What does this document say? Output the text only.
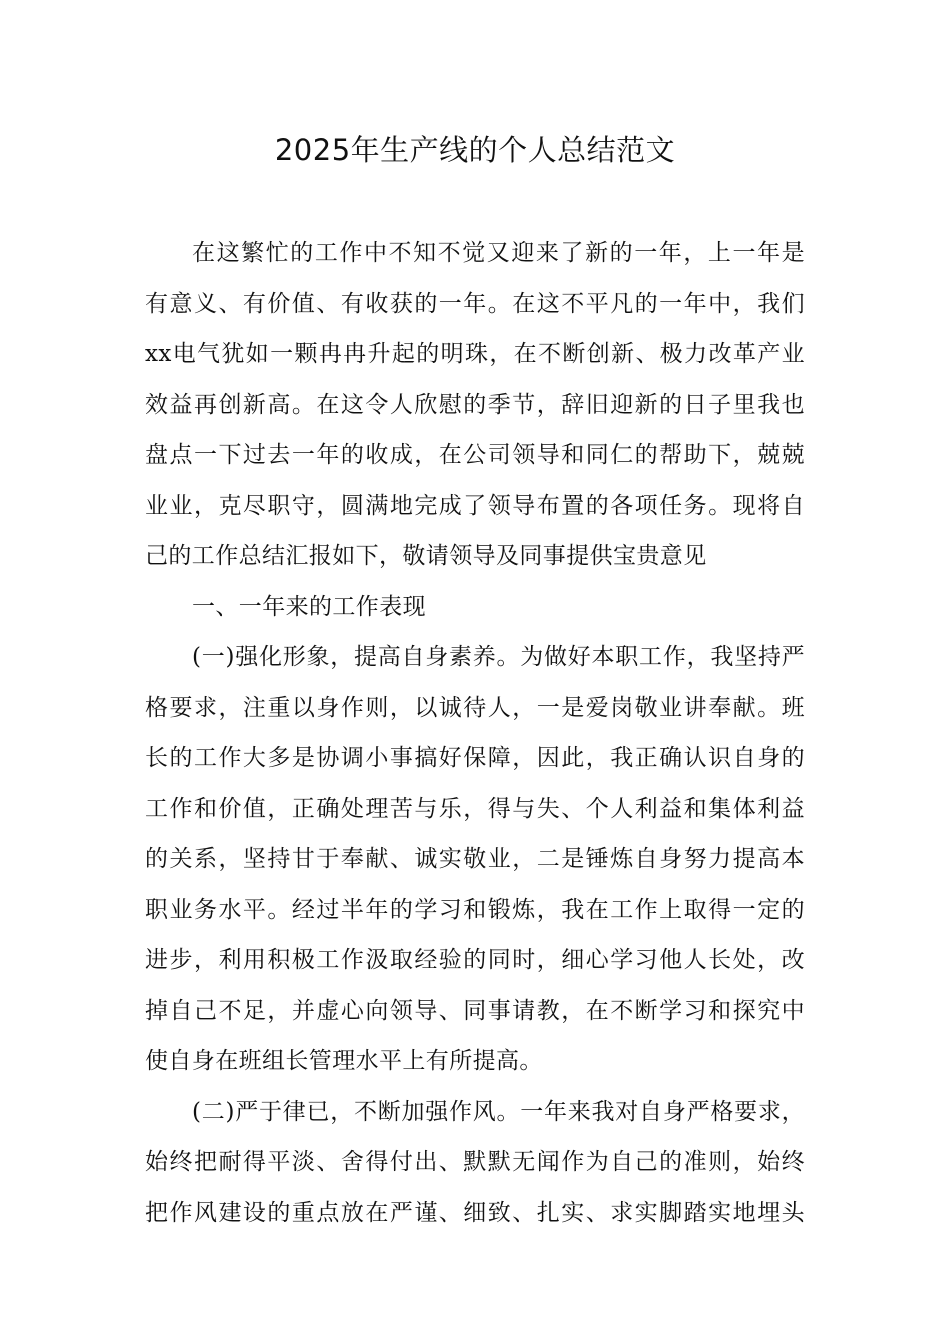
2025年生产线的个人总结范文
在这繁忙的工作中不知不觉又迎来了新的一年，上一年是
有意义、有价值、有收获的一年。在这不平凡的一年中，我们
xx电气犹如一颗冉冉升起的明珠，在不断创新、极力改革产业
效益再创新高。在这令人欣慰的季节，辞旧迎新的日子里我也
盘点一下过去一年的收成，在公司领导和同仁的帮助下，兢兢
业业，克尽职守，圆满地完成了领导布置的各项任务。现将自
己的工作总结汇报如下，敬请领导及同事提供宝贵意见
一、一年来的工作表现
(一)强化形象，提高自身素养。为做好本职工作，我坚持严
格要求，注重以身作则，以诚待人，一是爱岗敬业讲奉献。班
长的工作大多是协调小事搞好保障，因此，我正确认识自身的
工作和价值，正确处理苦与乐，得与失、个人利益和集体利益
的关系，坚持甘于奉献、诚实敬业，二是锤炼自身努力提高本
职业务水平。经过半年的学习和锻炼，我在工作上取得一定的
进步，利用积极工作汲取经验的同时，细心学习他人长处，改
掉自己不足，并虚心向领导、同事请教，在不断学习和探究中
使自身在班组长管理水平上有所提高。
(二)严于律已，不断加强作风。一年来我对自身严格要求，
始终把耐得平淡、舍得付出、默默无闻作为自己的准则，始终
把作风建设的重点放在严谨、细致、扎实、求实脚踏实地埋头
